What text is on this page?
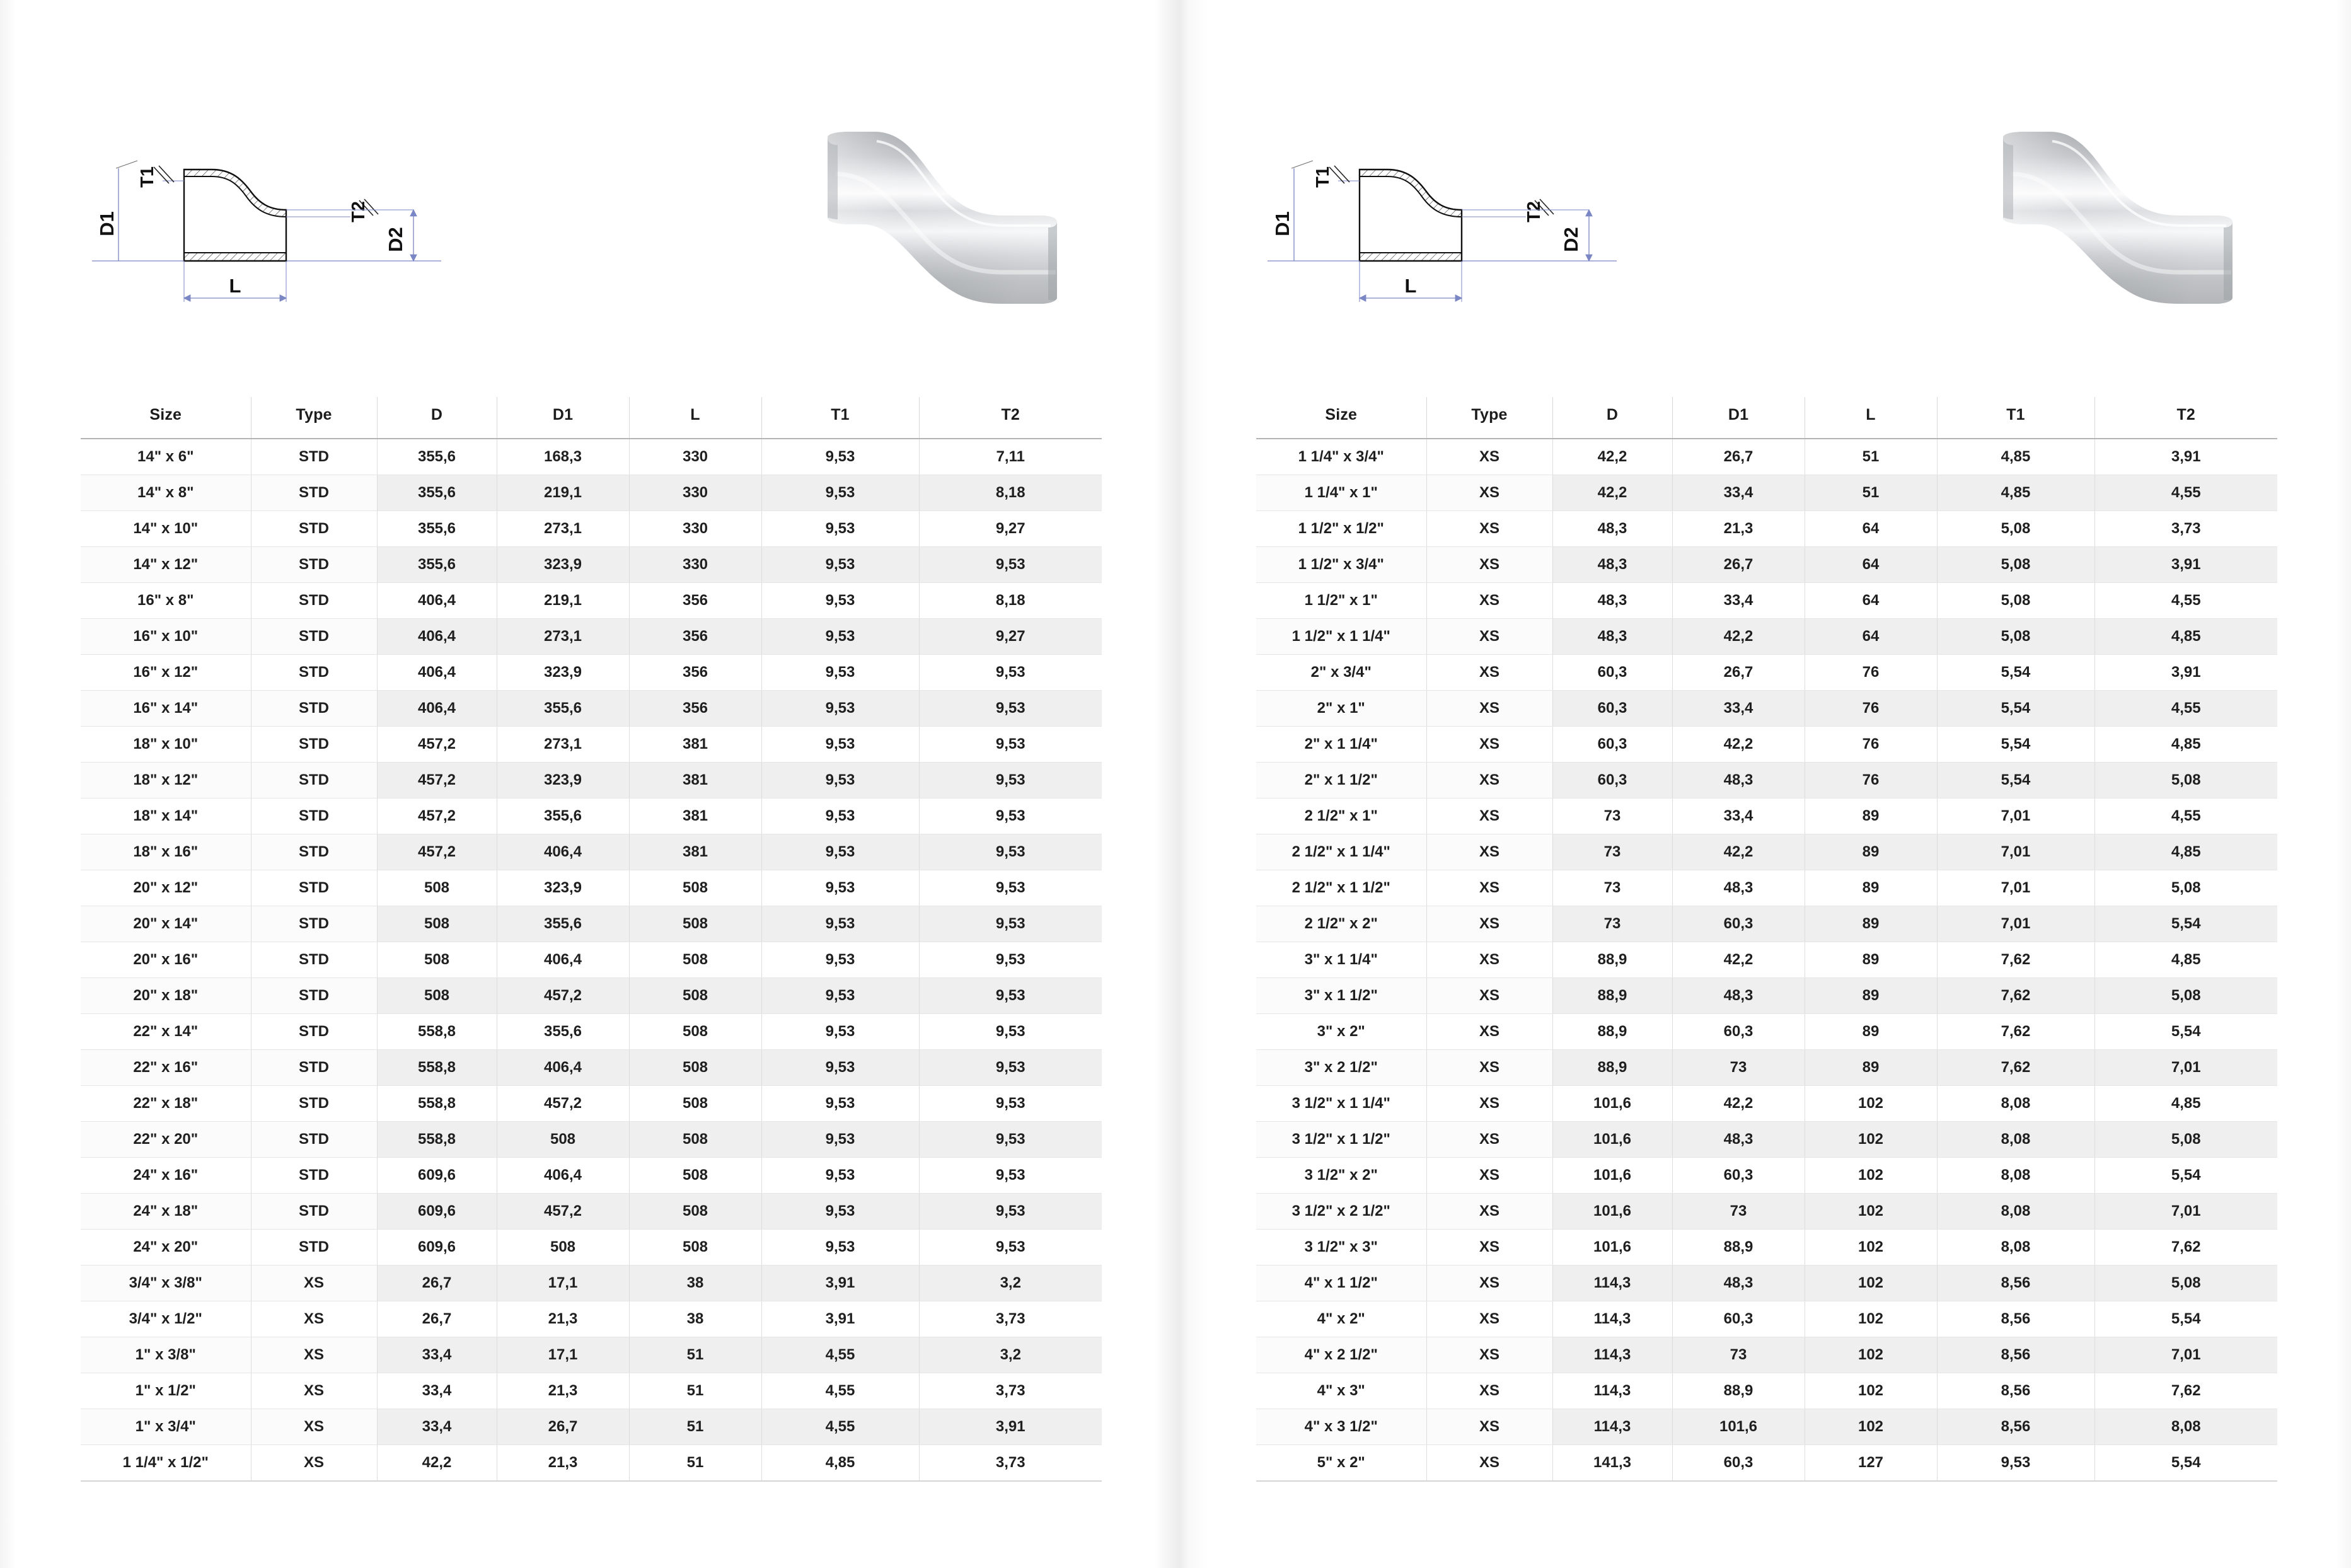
D1
T1
T2
D2
L
Size	Type	D	D1	L	T1	T2
14" x 6"	STD	355,6	168,3	330	9,53	7,11
14" x 8"	STD	355,6	219,1	330	9,53	8,18
14" x 10"	STD	355,6	273,1	330	9,53	9,27
14" x 12"	STD	355,6	323,9	330	9,53	9,53
16" x 8"	STD	406,4	219,1	356	9,53	8,18
16" x 10"	STD	406,4	273,1	356	9,53	9,27
16" x 12"	STD	406,4	323,9	356	9,53	9,53
16" x 14"	STD	406,4	355,6	356	9,53	9,53
18" x 10"	STD	457,2	273,1	381	9,53	9,53
18" x 12"	STD	457,2	323,9	381	9,53	9,53
18" x 14"	STD	457,2	355,6	381	9,53	9,53
18" x 16"	STD	457,2	406,4	381	9,53	9,53
20" x 12"	STD	508	323,9	508	9,53	9,53
20" x 14"	STD	508	355,6	508	9,53	9,53
20" x 16"	STD	508	406,4	508	9,53	9,53
20" x 18"	STD	508	457,2	508	9,53	9,53
22" x 14"	STD	558,8	355,6	508	9,53	9,53
22" x 16"	STD	558,8	406,4	508	9,53	9,53
22" x 18"	STD	558,8	457,2	508	9,53	9,53
22" x 20"	STD	558,8	508	508	9,53	9,53
24" x 16"	STD	609,6	406,4	508	9,53	9,53
24" x 18"	STD	609,6	457,2	508	9,53	9,53
24" x 20"	STD	609,6	508	508	9,53	9,53
3/4" x 3/8"	XS	26,7	17,1	38	3,91	3,2
3/4" x 1/2"	XS	26,7	21,3	38	3,91	3,73
1" x 3/8"	XS	33,4	17,1	51	4,55	3,2
1" x 1/2"	XS	33,4	21,3	51	4,55	3,73
1" x 3/4"	XS	33,4	26,7	51	4,55	3,91
1 1/4" x 1/2"	XS	42,2	21,3	51	4,85	3,73
D1
T1
T2
D2
L
Size	Type	D	D1	L	T1	T2
1 1/4" x 3/4"	XS	42,2	26,7	51	4,85	3,91
1 1/4" x 1"	XS	42,2	33,4	51	4,85	4,55
1 1/2" x 1/2"	XS	48,3	21,3	64	5,08	3,73
1 1/2" x 3/4"	XS	48,3	26,7	64	5,08	3,91
1 1/2" x 1"	XS	48,3	33,4	64	5,08	4,55
1 1/2" x 1 1/4"	XS	48,3	42,2	64	5,08	4,85
2" x 3/4"	XS	60,3	26,7	76	5,54	3,91
2" x 1"	XS	60,3	33,4	76	5,54	4,55
2" x 1 1/4"	XS	60,3	42,2	76	5,54	4,85
2" x 1 1/2"	XS	60,3	48,3	76	5,54	5,08
2 1/2" x 1"	XS	73	33,4	89	7,01	4,55
2 1/2" x 1 1/4"	XS	73	42,2	89	7,01	4,85
2 1/2" x 1 1/2"	XS	73	48,3	89	7,01	5,08
2 1/2" x 2"	XS	73	60,3	89	7,01	5,54
3" x 1 1/4"	XS	88,9	42,2	89	7,62	4,85
3" x 1 1/2"	XS	88,9	48,3	89	7,62	5,08
3" x 2"	XS	88,9	60,3	89	7,62	5,54
3" x 2 1/2"	XS	88,9	73	89	7,62	7,01
3 1/2" x 1 1/4"	XS	101,6	42,2	102	8,08	4,85
3 1/2" x 1 1/2"	XS	101,6	48,3	102	8,08	5,08
3 1/2" x 2"	XS	101,6	60,3	102	8,08	5,54
3 1/2" x 2 1/2"	XS	101,6	73	102	8,08	7,01
3 1/2" x 3"	XS	101,6	88,9	102	8,08	7,62
4" x 1 1/2"	XS	114,3	48,3	102	8,56	5,08
4" x 2"	XS	114,3	60,3	102	8,56	5,54
4" x 2 1/2"	XS	114,3	73	102	8,56	7,01
4" x 3"	XS	114,3	88,9	102	8,56	7,62
4" x 3 1/2"	XS	114,3	101,6	102	8,56	8,08
5" x 2"	XS	141,3	60,3	127	9,53	5,54
